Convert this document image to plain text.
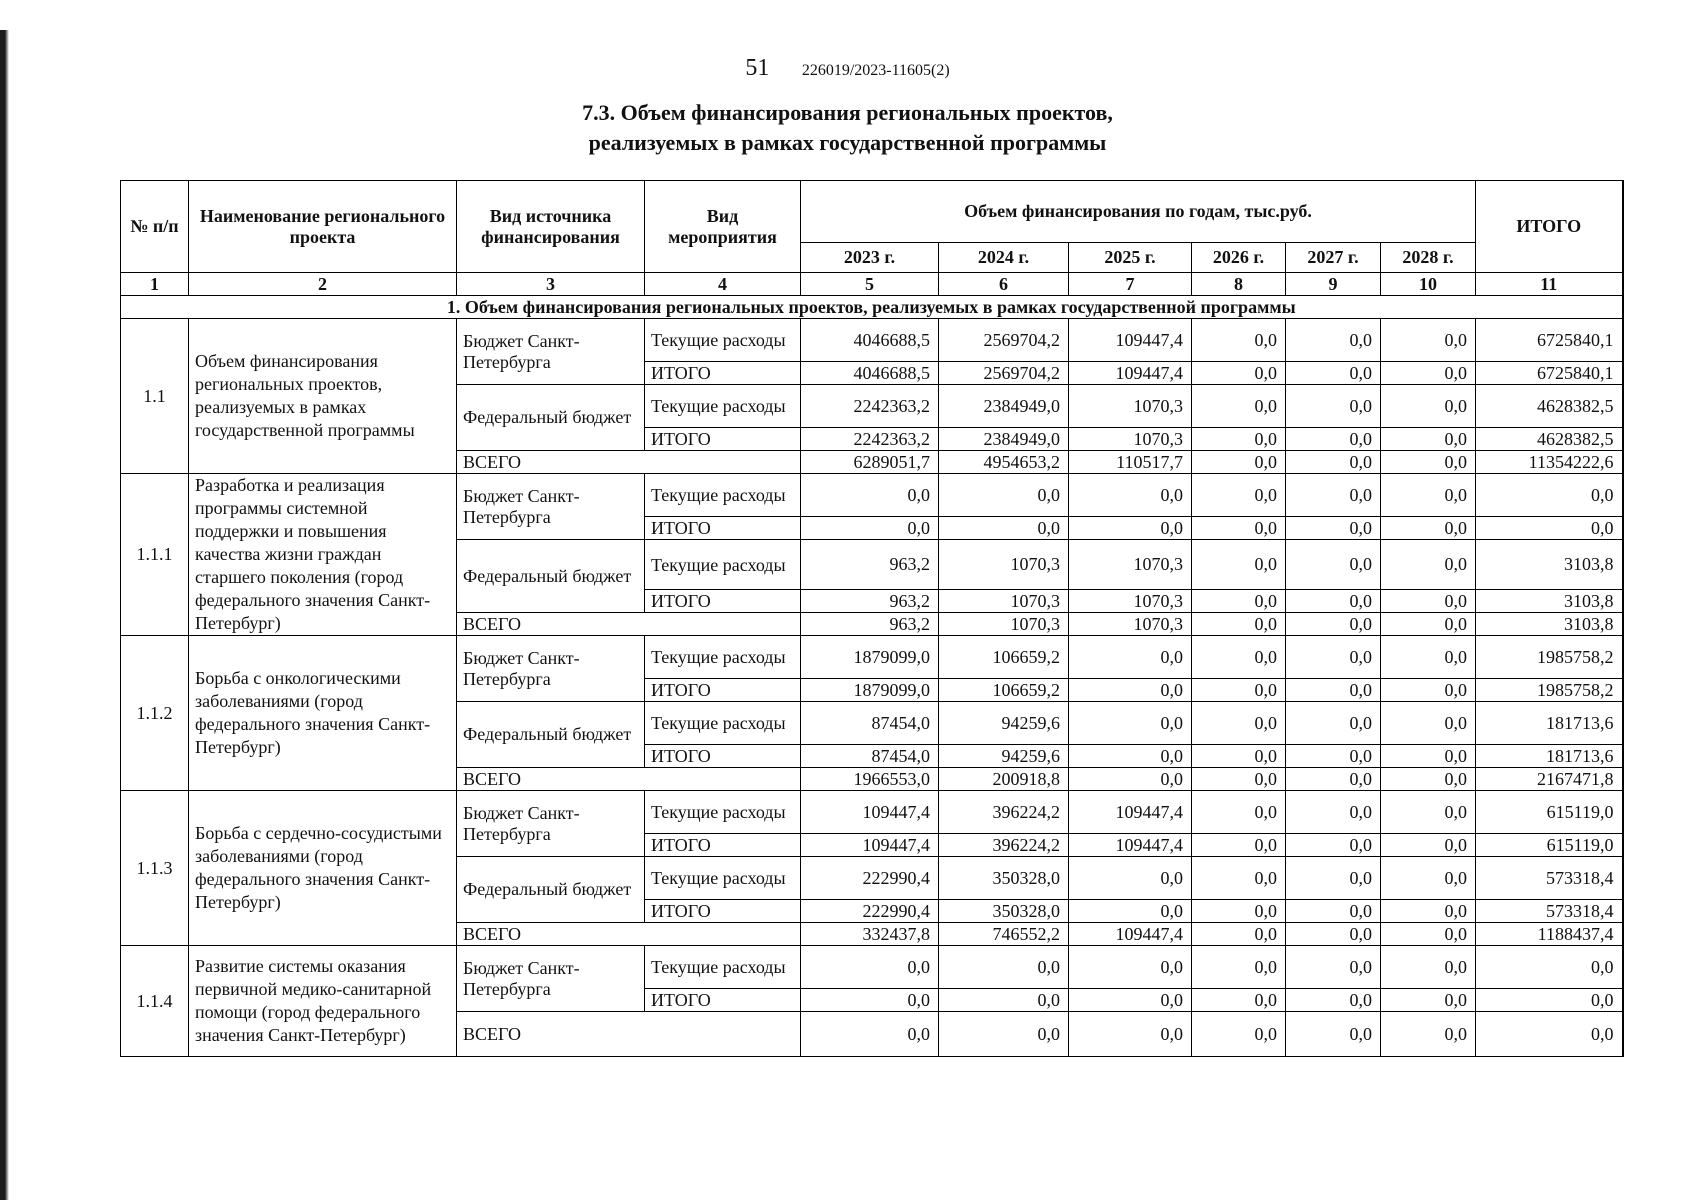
51 226019/2023-11605(2)
7.3. Объем финансирования региональных проектов,
реализуемых в рамках государственной программы
№ п/п	Наименование регионального проекта	Вид источника финансирования	Вид мероприятия	Объем финансирования по годам, тыс.руб.						ИТОГО
				2023 г.	2024 г.	2025 г.	2026 г.	2027 г.	2028 г.	
1	2	3	4	5	6	7	8	9	10	11
1. Объем финансирования региональных проектов, реализуемых в рамках государственной программы										
1.1	Объем финансирования региональных проектов, реализуемых в рамках государственной программы	Бюджет Санкт-Петербурга	Текущие расходы	4046688,5	2569704,2	109447,4	0,0	0,0	0,0	6725840,1
			ИТОГО	4046688,5	2569704,2	109447,4	0,0	0,0	0,0	6725840,1
		Федеральный бюджет	Текущие расходы	2242363,2	2384949,0	1070,3	0,0	0,0	0,0	4628382,5
			ИТОГО	2242363,2	2384949,0	1070,3	0,0	0,0	0,0	4628382,5
		ВСЕГО		6289051,7	4954653,2	110517,7	0,0	0,0	0,0	11354222,6
1.1.1	Разработка и реализация программы системной поддержки и повышения качества жизни граждан старшего поколения (город федерального значения Санкт-Петербург)	Бюджет Санкт-Петербурга	Текущие расходы	0,0	0,0	0,0	0,0	0,0	0,0	0,0
			ИТОГО	0,0	0,0	0,0	0,0	0,0	0,0	0,0
		Федеральный бюджет	Текущие расходы	963,2	1070,3	1070,3	0,0	0,0	0,0	3103,8
			ИТОГО	963,2	1070,3	1070,3	0,0	0,0	0,0	3103,8
		ВСЕГО		963,2	1070,3	1070,3	0,0	0,0	0,0	3103,8
1.1.2	Борьба с онкологическими заболеваниями (город федерального значения Санкт-Петербург)	Бюджет Санкт-Петербурга	Текущие расходы	1879099,0	106659,2	0,0	0,0	0,0	0,0	1985758,2
			ИТОГО	1879099,0	106659,2	0,0	0,0	0,0	0,0	1985758,2
		Федеральный бюджет	Текущие расходы	87454,0	94259,6	0,0	0,0	0,0	0,0	181713,6
			ИТОГО	87454,0	94259,6	0,0	0,0	0,0	0,0	181713,6
		ВСЕГО		1966553,0	200918,8	0,0	0,0	0,0	0,0	2167471,8
1.1.3	Борьба с сердечно-сосудистыми заболеваниями (город федерального значения Санкт-Петербург)	Бюджет Санкт-Петербурга	Текущие расходы	109447,4	396224,2	109447,4	0,0	0,0	0,0	615119,0
			ИТОГО	109447,4	396224,2	109447,4	0,0	0,0	0,0	615119,0
		Федеральный бюджет	Текущие расходы	222990,4	350328,0	0,0	0,0	0,0	0,0	573318,4
			ИТОГО	222990,4	350328,0	0,0	0,0	0,0	0,0	573318,4
		ВСЕГО		332437,8	746552,2	109447,4	0,0	0,0	0,0	1188437,4
1.1.4	Развитие системы оказания первичной медико-санитарной помощи (город федерального значения Санкт-Петербург)	Бюджет Санкт-Петербурга	Текущие расходы	0,0	0,0	0,0	0,0	0,0	0,0	0,0
			ИТОГО	0,0	0,0	0,0	0,0	0,0	0,0	0,0
		ВСЕГО		0,0	0,0	0,0	0,0	0,0	0,0	0,0
